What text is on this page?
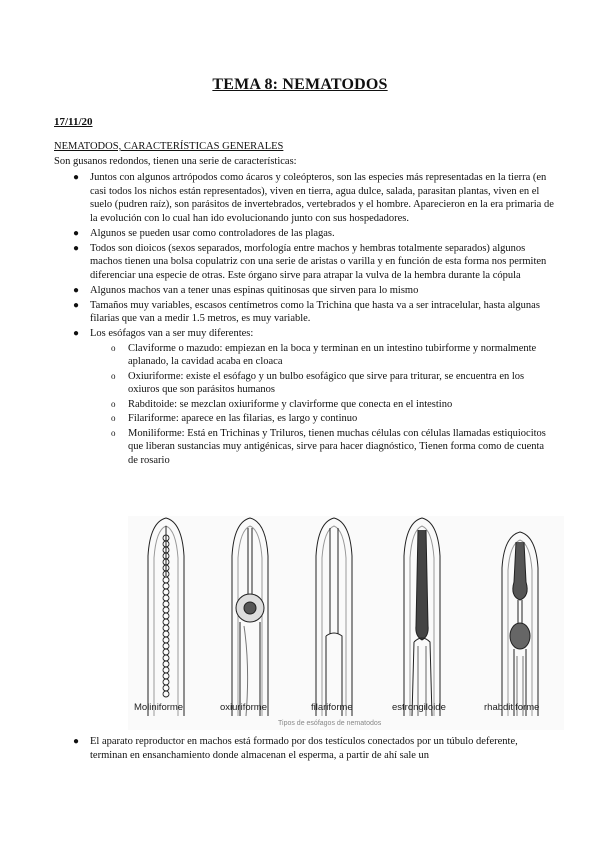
TEMA 8: NEMATODOS
17/11/20
NEMATODOS, CARACTERÍSTICAS GENERALES
Son gusanos redondos, tienen una serie de características:
● Juntos con algunos artrópodos como ácaros y coleópteros, son las especies más representadas en la tierra (en casi todos los nichos están representados), viven en tierra, agua dulce, salada, parasitan plantas, viven en el suelo (pudren raíz), son parásitos de invertebrados, vertebrados y el hombre. Aparecieron en la era primaria de la evolución con lo cual han ido evolucionando junto con sus hospedadores.
● Algunos se pueden usar como controladores de las plagas.
● Todos son dioicos (sexos separados, morfología entre machos y hembras totalmente separados) algunos machos tienen una bolsa copulatriz con una serie de aristas o varilla y en función de esta forma nos permiten diferenciar una especie de otras. Este órgano sirve para atrapar la vulva de la hembra durante la cópula
● Algunos machos van a tener unas espinas quitinosas que sirven para lo mismo
● Tamaños muy variables, escasos centímetros como la Trichina que hasta va a ser intracelular, hasta algunas filarias que van a medir 1.5 metros, es muy variable.
● Los esófagos van a ser muy diferentes:
o Claviforme o mazudo: empiezan en la boca y terminan en un intestino tubirforme y normalmente aplanado, la cavidad acaba en cloaca
o Oxiuriforme: existe el esófago y un bulbo esofágico que sirve para triturar, se encuentra en los oxiuros que son parásitos humanos
o Rabditoide: se mezclan oxiuriforme y clavirforme que conecta en el intestino
o Filariforme: aparece en las filarias, es largo y continuo
o Moniliforme: Está en Trichinas y Triluros, tienen muchas células con células llamadas estiquiocitos que liberan sustancias muy antigénicas, sirve para hacer diagnóstico, Tienen forma como de cuenta de rosario
Moliniforme	oxiuriforme	filariforme	estrongiloide	rhabditiforme
Tipos de esófagos de nematodos
● El aparato reproductor en machos está formado por dos testículos conectados por un túbulo deferente, terminan en ensanchamiento donde almacenan el esperma, a partir de ahí sale un
